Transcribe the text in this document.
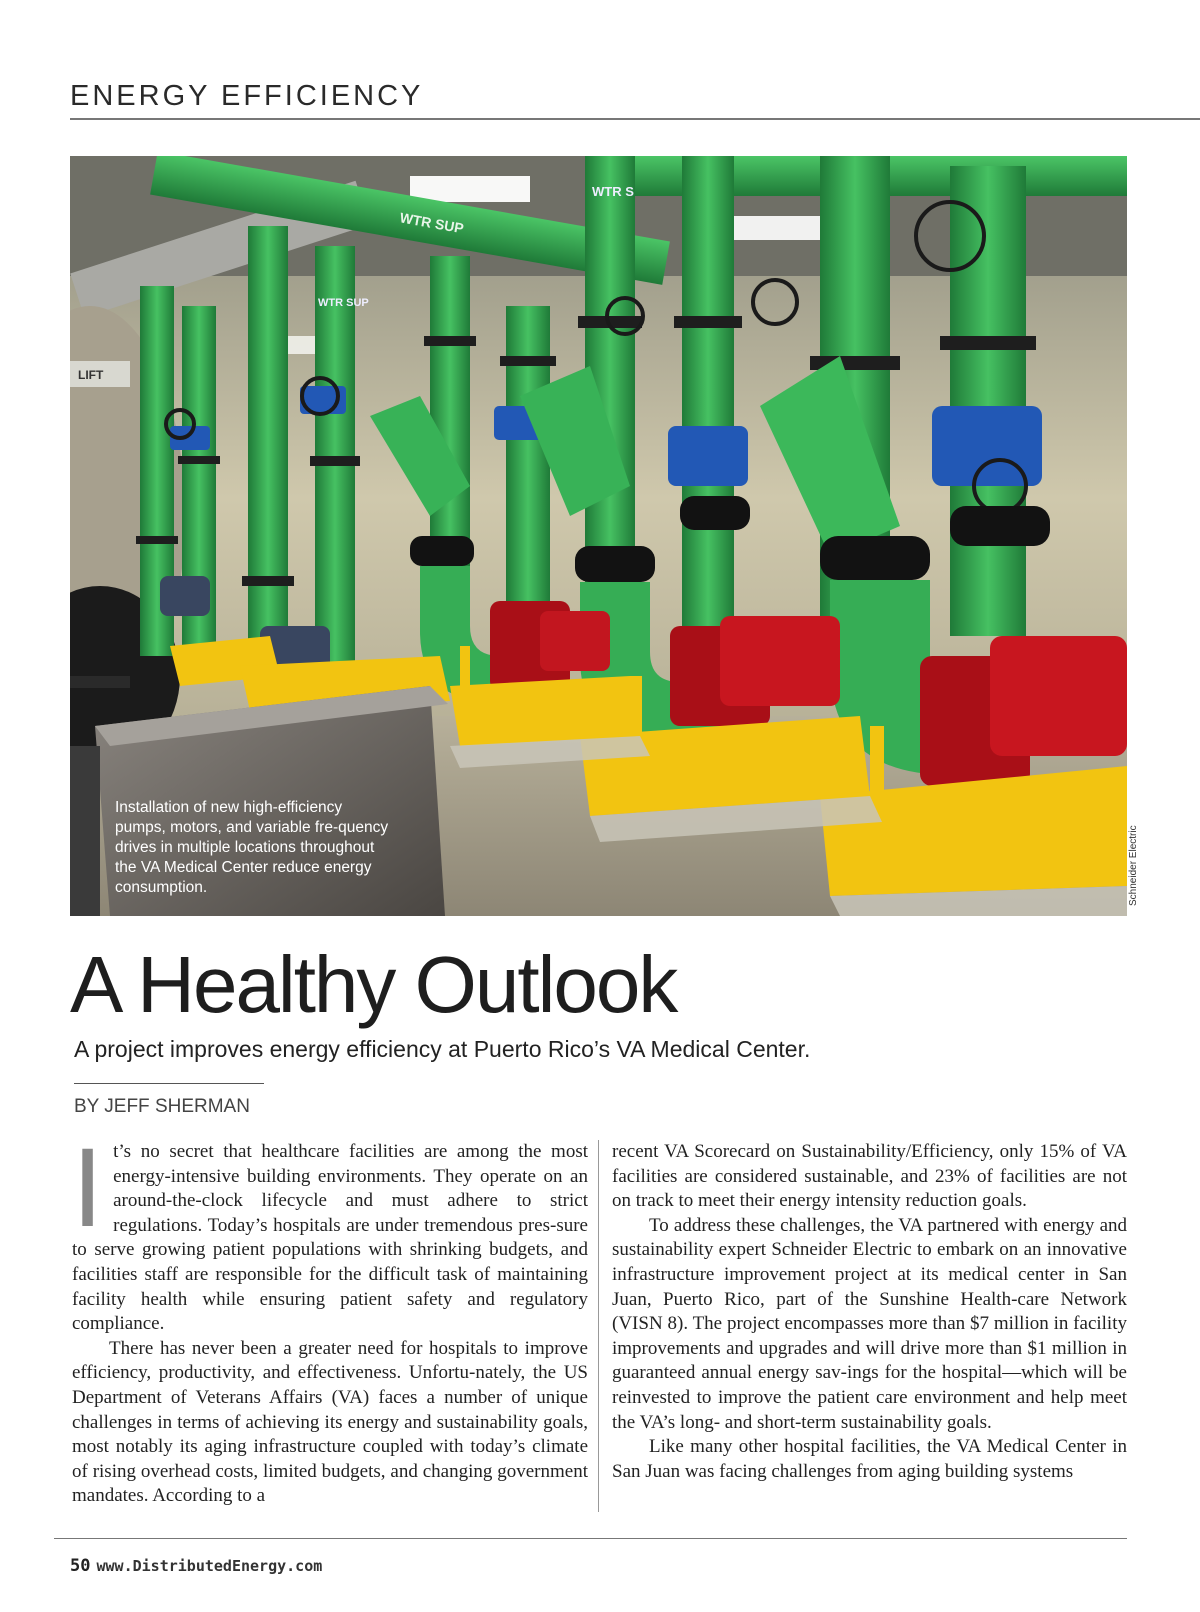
ENERGY EFFICIENCY
WTR SUP
LIFT
WTR SUP
WTR S
Installation of new high-efficiency pumps, motors, and variable fre-quency drives in multiple locations throughout the VA Medical Center reduce energy consumption.	Schneider Electric
A Healthy Outlook
A project improves energy efficiency at Puerto Rico’s VA Medical Center.
BY JEFF SHERMAN

It’s no secret that healthcare facilities are among the most energy-intensive building environments. They operate on an around-the-clock lifecycle and must adhere to strict regulations. Today’s hospitals are under tremendous pres-sure to serve growing patient populations with shrinking budgets, and facilities staff are responsible for the difficult task of maintaining facility health while ensuring patient safety and regulatory compliance.

There has never been a greater need for hospitals to improve efficiency, productivity, and effectiveness. Unfortu-nately, the US Department of Veterans Affairs (VA) faces a number of unique challenges in terms of achieving its energy and sustainability goals, most notably its aging infrastructure coupled with today’s climate of rising overhead costs, limited budgets, and changing government mandates. According to a

recent VA Scorecard on Sustainability/Efficiency, only 15% of VA facilities are considered sustainable, and 23% of facilities are not on track to meet their energy intensity reduction goals.

To address these challenges, the VA partnered with energy and sustainability expert Schneider Electric to embark on an innovative infrastructure improvement project at its medical center in San Juan, Puerto Rico, part of the Sunshine Health-care Network (VISN 8). The project encompasses more than $7 million in facility improvements and upgrades and will drive more than $1 million in guaranteed annual energy sav-ings for the hospital—which will be reinvested to improve the patient care environment and help meet the VA’s long- and short-term sustainability goals.

Like many other hospital facilities, the VA Medical Center in San Juan was facing challenges from aging building systems

50 www.DistributedEnergy.com
